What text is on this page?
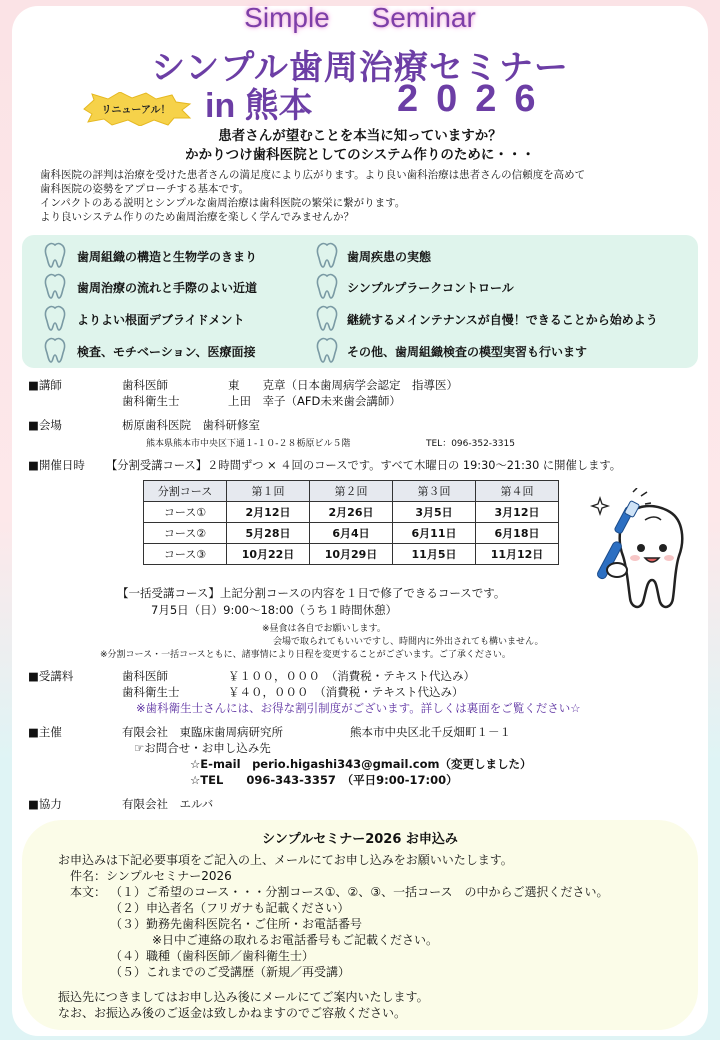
Simple Seminar
シンプル歯周治療セミナー
in 熊本 2026
リニューアル！
患者さんが望むことを本当に知っていますか？
かかりつけ歯科医院としてのシステム作りのために・・・
歯科医院の評判は治療を受けた患者さんの満足度により広がります。より良い歯科治療は患者さんの信頼度を高めて
歯科医院の姿勢をアプローチする基本です。
インパクトのある説明とシンプルな歯周治療は歯科医院の繁栄に繋がります。
より良いシステム作りのため歯周治療を楽しく学んでみませんか？
歯周組織の構造と生物学のきまり	歯周疾患の実態
歯周治療の流れと手際のよい近道	シンプルプラークコントロール
よりよい根面デブライドメント	継続するメインテナンスが自慢！できることから始めよう
検査、モチベーション、医療面接	その他、歯周組織検査の模型実習も行います
■講師	歯科医師	東　　克章（日本歯周病学会認定　指導医）
歯科衛生士	上田　幸子（AFD未来歯会講師）
■会場	栃原歯科医院　歯科研修室
熊本県熊本市中央区下通１-１０-２８栃原ビル５階	TEL：096-352-3315
■開催日時 【分割受講コース】２時間ずつ × ４回のコースです。すべて木曜日の 19:30～21:30 に開催します。
分割コース	第１回	第２回	第３回	第４回
コース①	2月12日	2月26日	3月5日	3月12日
コース②	5月28日	6月4日	6月11日	6月18日
コース③	10月22日	10月29日	11月5日	11月12日
【一括受講コース】上記分割コースの内容を１日で修了できるコースです。
7月5日（日）9:00～18:00（うち１時間休憩）
※昼食は各自でお願いします。
会場で取られてもいいですし、時間内に外出されても構いません。
※分割コース・一括コースともに、諸事情により日程を変更することがございます。ご了承ください。
■受講料	歯科医師	￥１００，０００　（消費税・テキスト代込み）
歯科衛生士	￥４０，０００　（消費税・テキスト代込み）
※歯科衛生士さんには、お得な割引制度がございます。詳しくは裏面をご覧ください☆
■主催	有限会社　東臨床歯周病研究所	熊本市中央区北千反畑町１－１
☞お問合せ・お申し込み先
☆E-mail　perio.higashi343@gmail.com（変更しました）
☆TEL　　096-343-3357　（平日9:00-17:00）
■協力	有限会社　エルバ
シンプルセミナー2026 お申込み
お申込みは下記必要事項をご記入の上、メールにてお申し込みをお願いいたします。
件名：シンプルセミナー2026
本文： （１）ご希望のコース・・・分割コース①、②、③、一括コース　の中からご選択ください。
（２）申込者名（フリガナも記載ください）
（３）勤務先歯科医院名・ご住所・お電話番号
※日中ご連絡の取れるお電話番号もご記載ください。
（４）職種（歯科医師／歯科衛生士）
（５）これまでのご受講歴（新規／再受講）
振込先につきましてはお申し込み後にメールにてご案内いたします。
なお、お振込み後のご返金は致しかねますのでご容赦ください。
